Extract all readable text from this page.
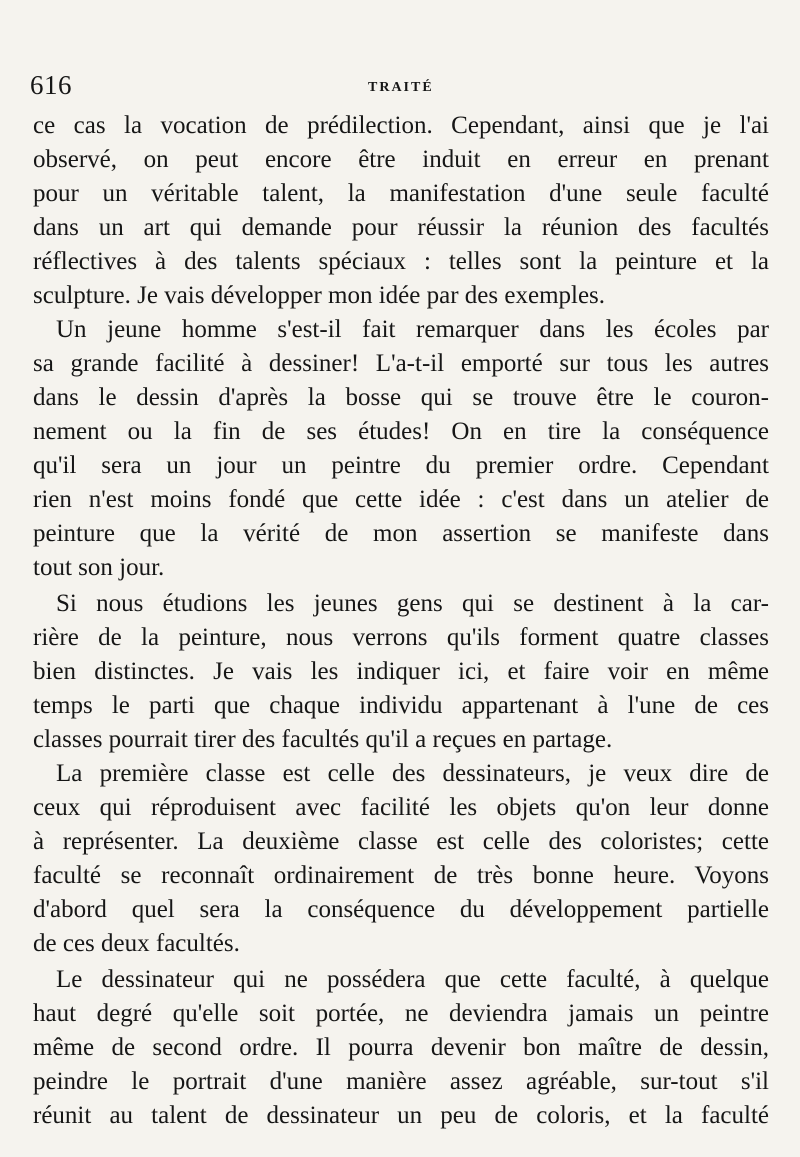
616	TRAITÉ
ce cas la vocation de prédilection. Cependant, ainsi que je l'ai
observé, on peut encore être induit en erreur en prenant
pour un véritable talent, la manifestation d'une seule faculté
dans un art qui demande pour réussir la réunion des facultés
réflectives à des talents spéciaux : telles sont la peinture et la
sculpture. Je vais développer mon idée par des exemples.
Un jeune homme s'est-il fait remarquer dans les écoles par
sa grande facilité à dessiner! L'a-t-il emporté sur tous les autres
dans le dessin d'après la bosse qui se trouve être le couron-
nement ou la fin de ses études! On en tire la conséquence
qu'il sera un jour un peintre du premier ordre. Cependant
rien n'est moins fondé que cette idée : c'est dans un atelier de
peinture que la vérité de mon assertion se manifeste dans
tout son jour.
Si nous étudions les jeunes gens qui se destinent à la car-
rière de la peinture, nous verrons qu'ils forment quatre classes
bien distinctes. Je vais les indiquer ici, et faire voir en même
temps le parti que chaque individu appartenant à l'une de ces
classes pourrait tirer des facultés qu'il a reçues en partage.
La première classe est celle des dessinateurs, je veux dire de
ceux qui réproduisent avec facilité les objets qu'on leur donne
à représenter. La deuxième classe est celle des coloristes; cette
faculté se reconnaît ordinairement de très bonne heure. Voyons
d'abord quel sera la conséquence du développement partielle
de ces deux facultés.
Le dessinateur qui ne possédera que cette faculté, à quelque
haut degré qu'elle soit portée, ne deviendra jamais un peintre
même de second ordre. Il pourra devenir bon maître de dessin,
peindre le portrait d'une manière assez agréable, sur-tout s'il
réunit au talent de dessinateur un peu de coloris, et la faculté
